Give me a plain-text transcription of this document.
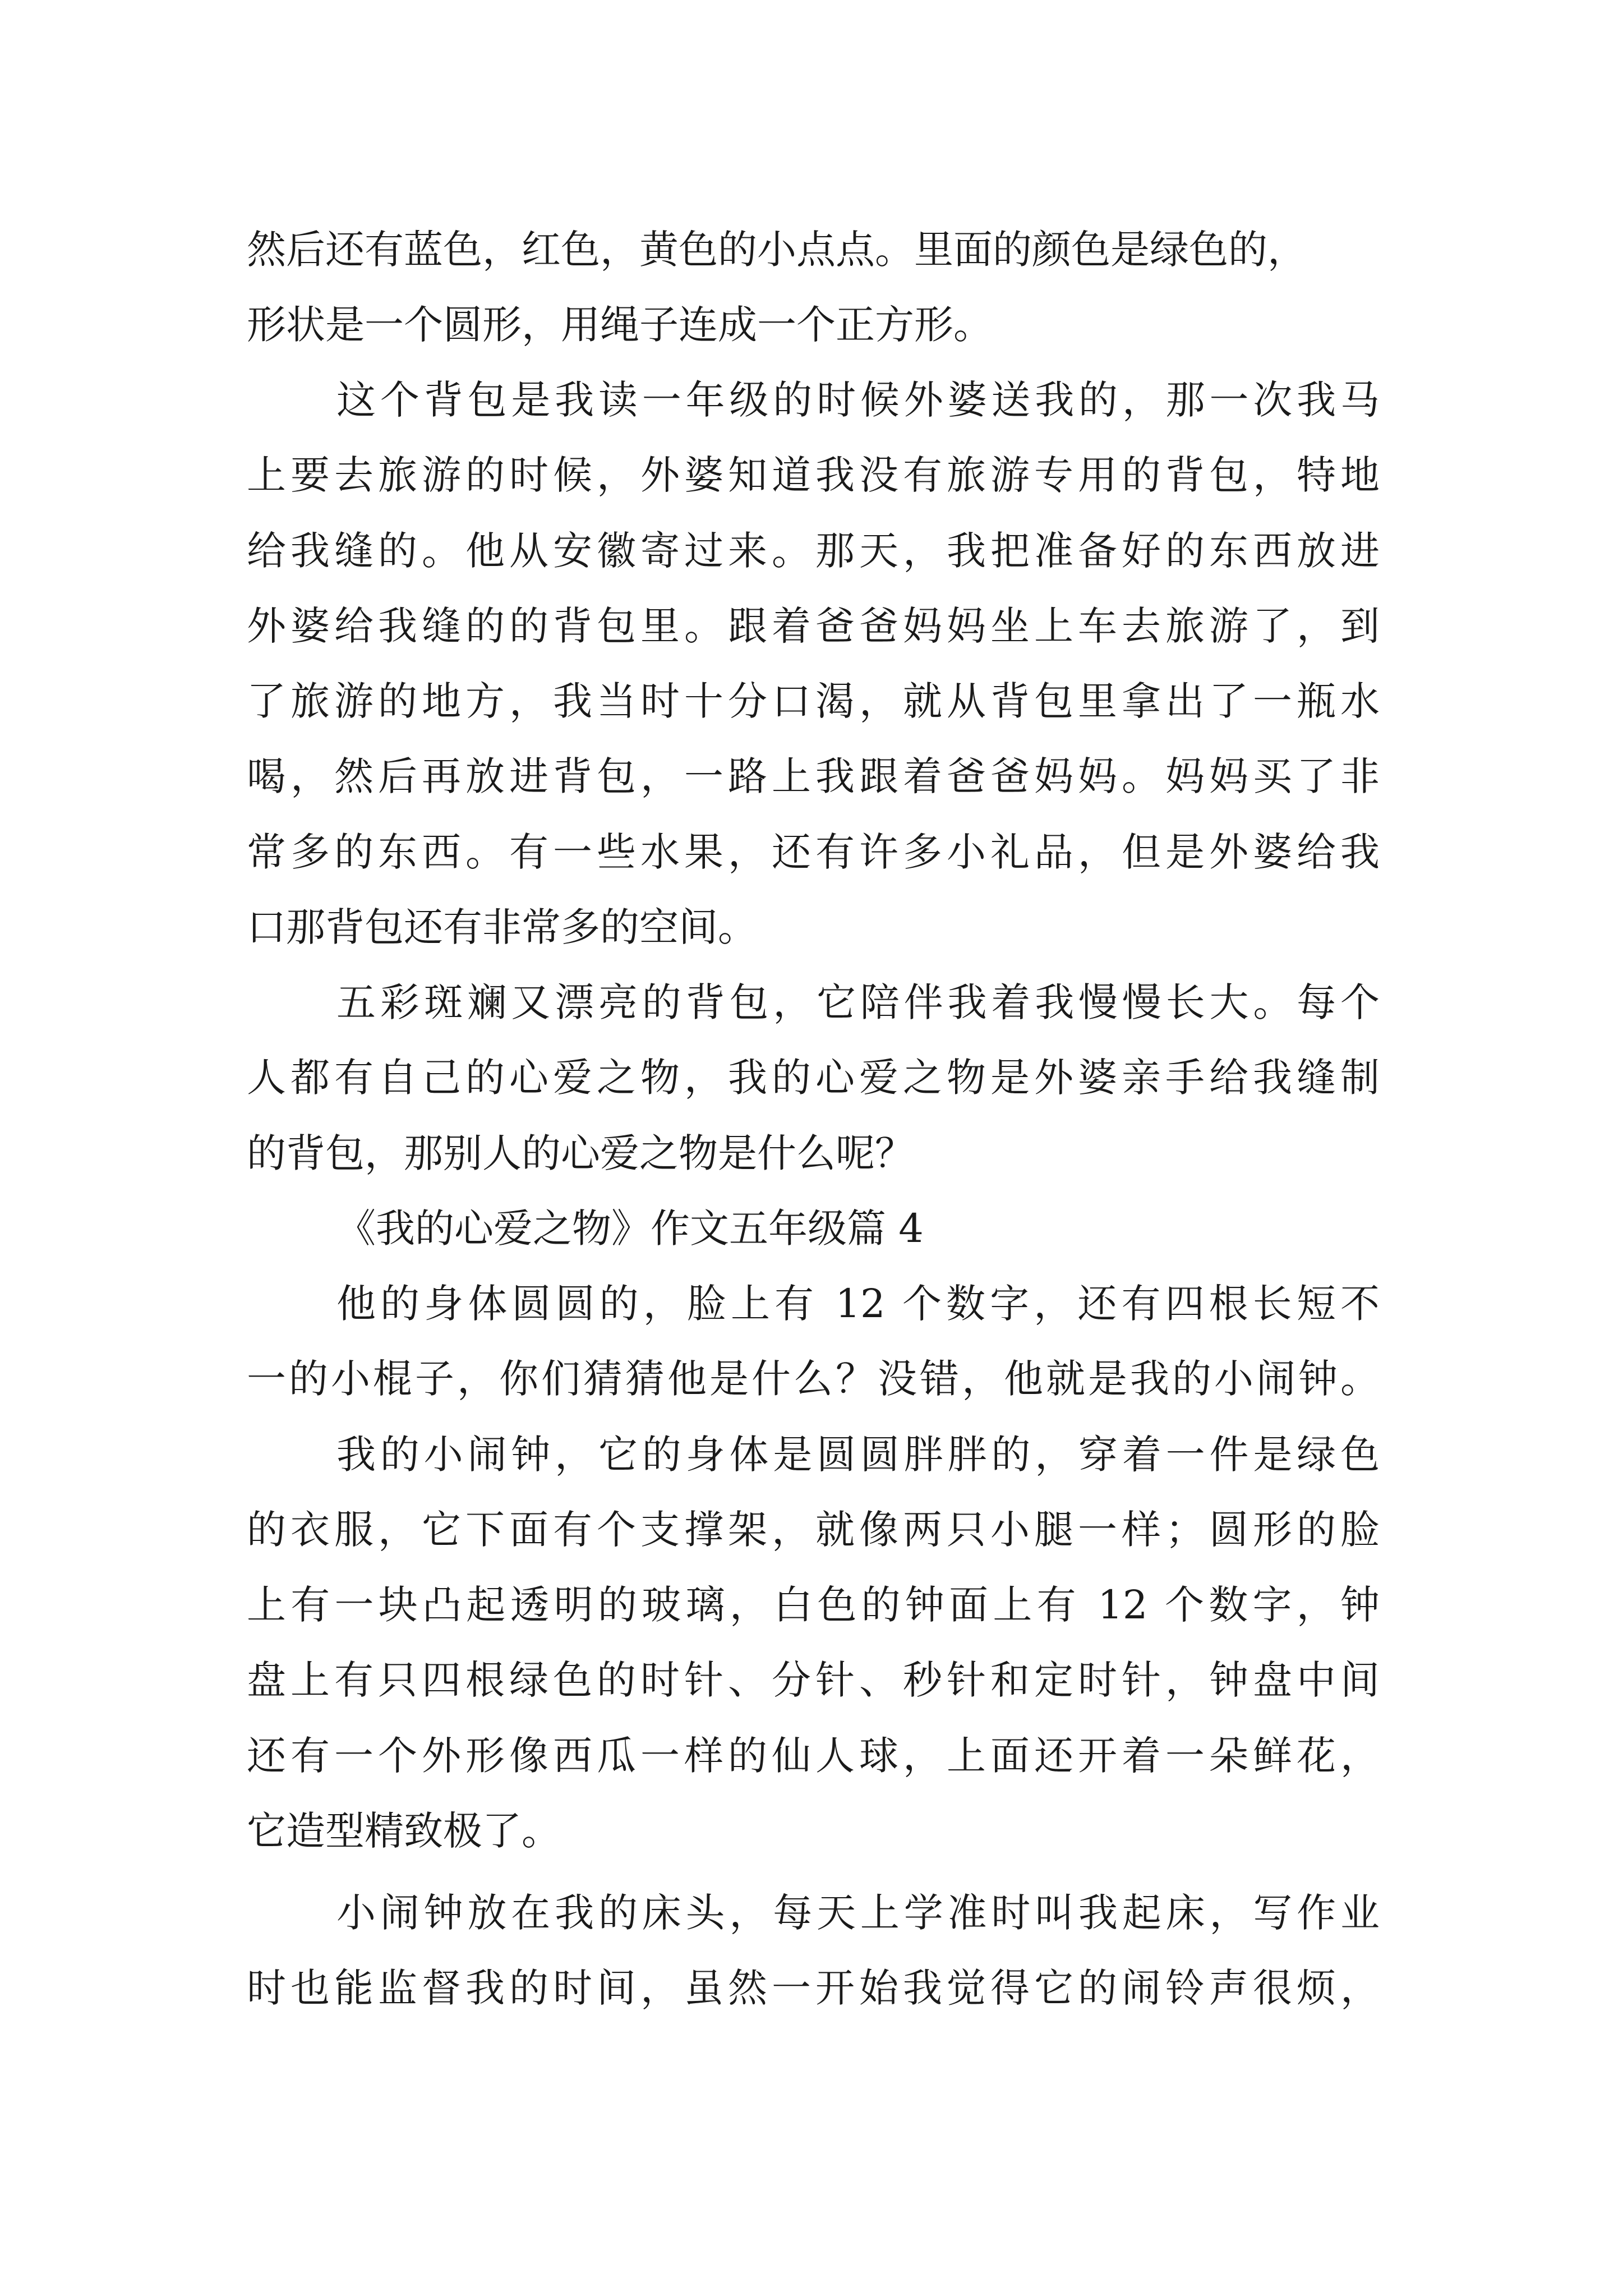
然后还有蓝色，红色，黄色的小点点。里面的颜色是绿色的，
形状是一个圆形，用绳子连成一个正方形。
这个背包是我读一年级的时候外婆送我的，那一次我马
上要去旅游的时候，外婆知道我没有旅游专用的背包，特地
给我缝的。他从安徽寄过来。那天，我把准备好的东西放进
外婆给我缝的的背包里。跟着爸爸妈妈坐上车去旅游了，到
了旅游的地方，我当时十分口渴，就从背包里拿出了一瓶水
喝，然后再放进背包，一路上我跟着爸爸妈妈。妈妈买了非
常多的东西。有一些水果，还有许多小礼品，但是外婆给我
口那背包还有非常多的空间。
五彩斑斓又漂亮的背包，它陪伴我着我慢慢长大。每个
人都有自己的心爱之物，我的心爱之物是外婆亲手给我缝制
的背包，那别人的心爱之物是什么呢？
《我的心爱之物》作文五年级篇 4
他的身体圆圆的，脸上有 12 个数字，还有四根长短不
一的小棍子，你们猜猜他是什么？没错，他就是我的小闹钟。
我的小闹钟，它的身体是圆圆胖胖的，穿着一件是绿色
的衣服，它下面有个支撑架，就像两只小腿一样；圆形的脸
上有一块凸起透明的玻璃，白色的钟面上有 12 个数字，钟
盘上有只四根绿色的时针、分针、秒针和定时针，钟盘中间
还有一个外形像西瓜一样的仙人球，上面还开着一朵鲜花，
它造型精致极了。
小闹钟放在我的床头，每天上学准时叫我起床，写作业
时也能监督我的时间，虽然一开始我觉得它的闹铃声很烦，
